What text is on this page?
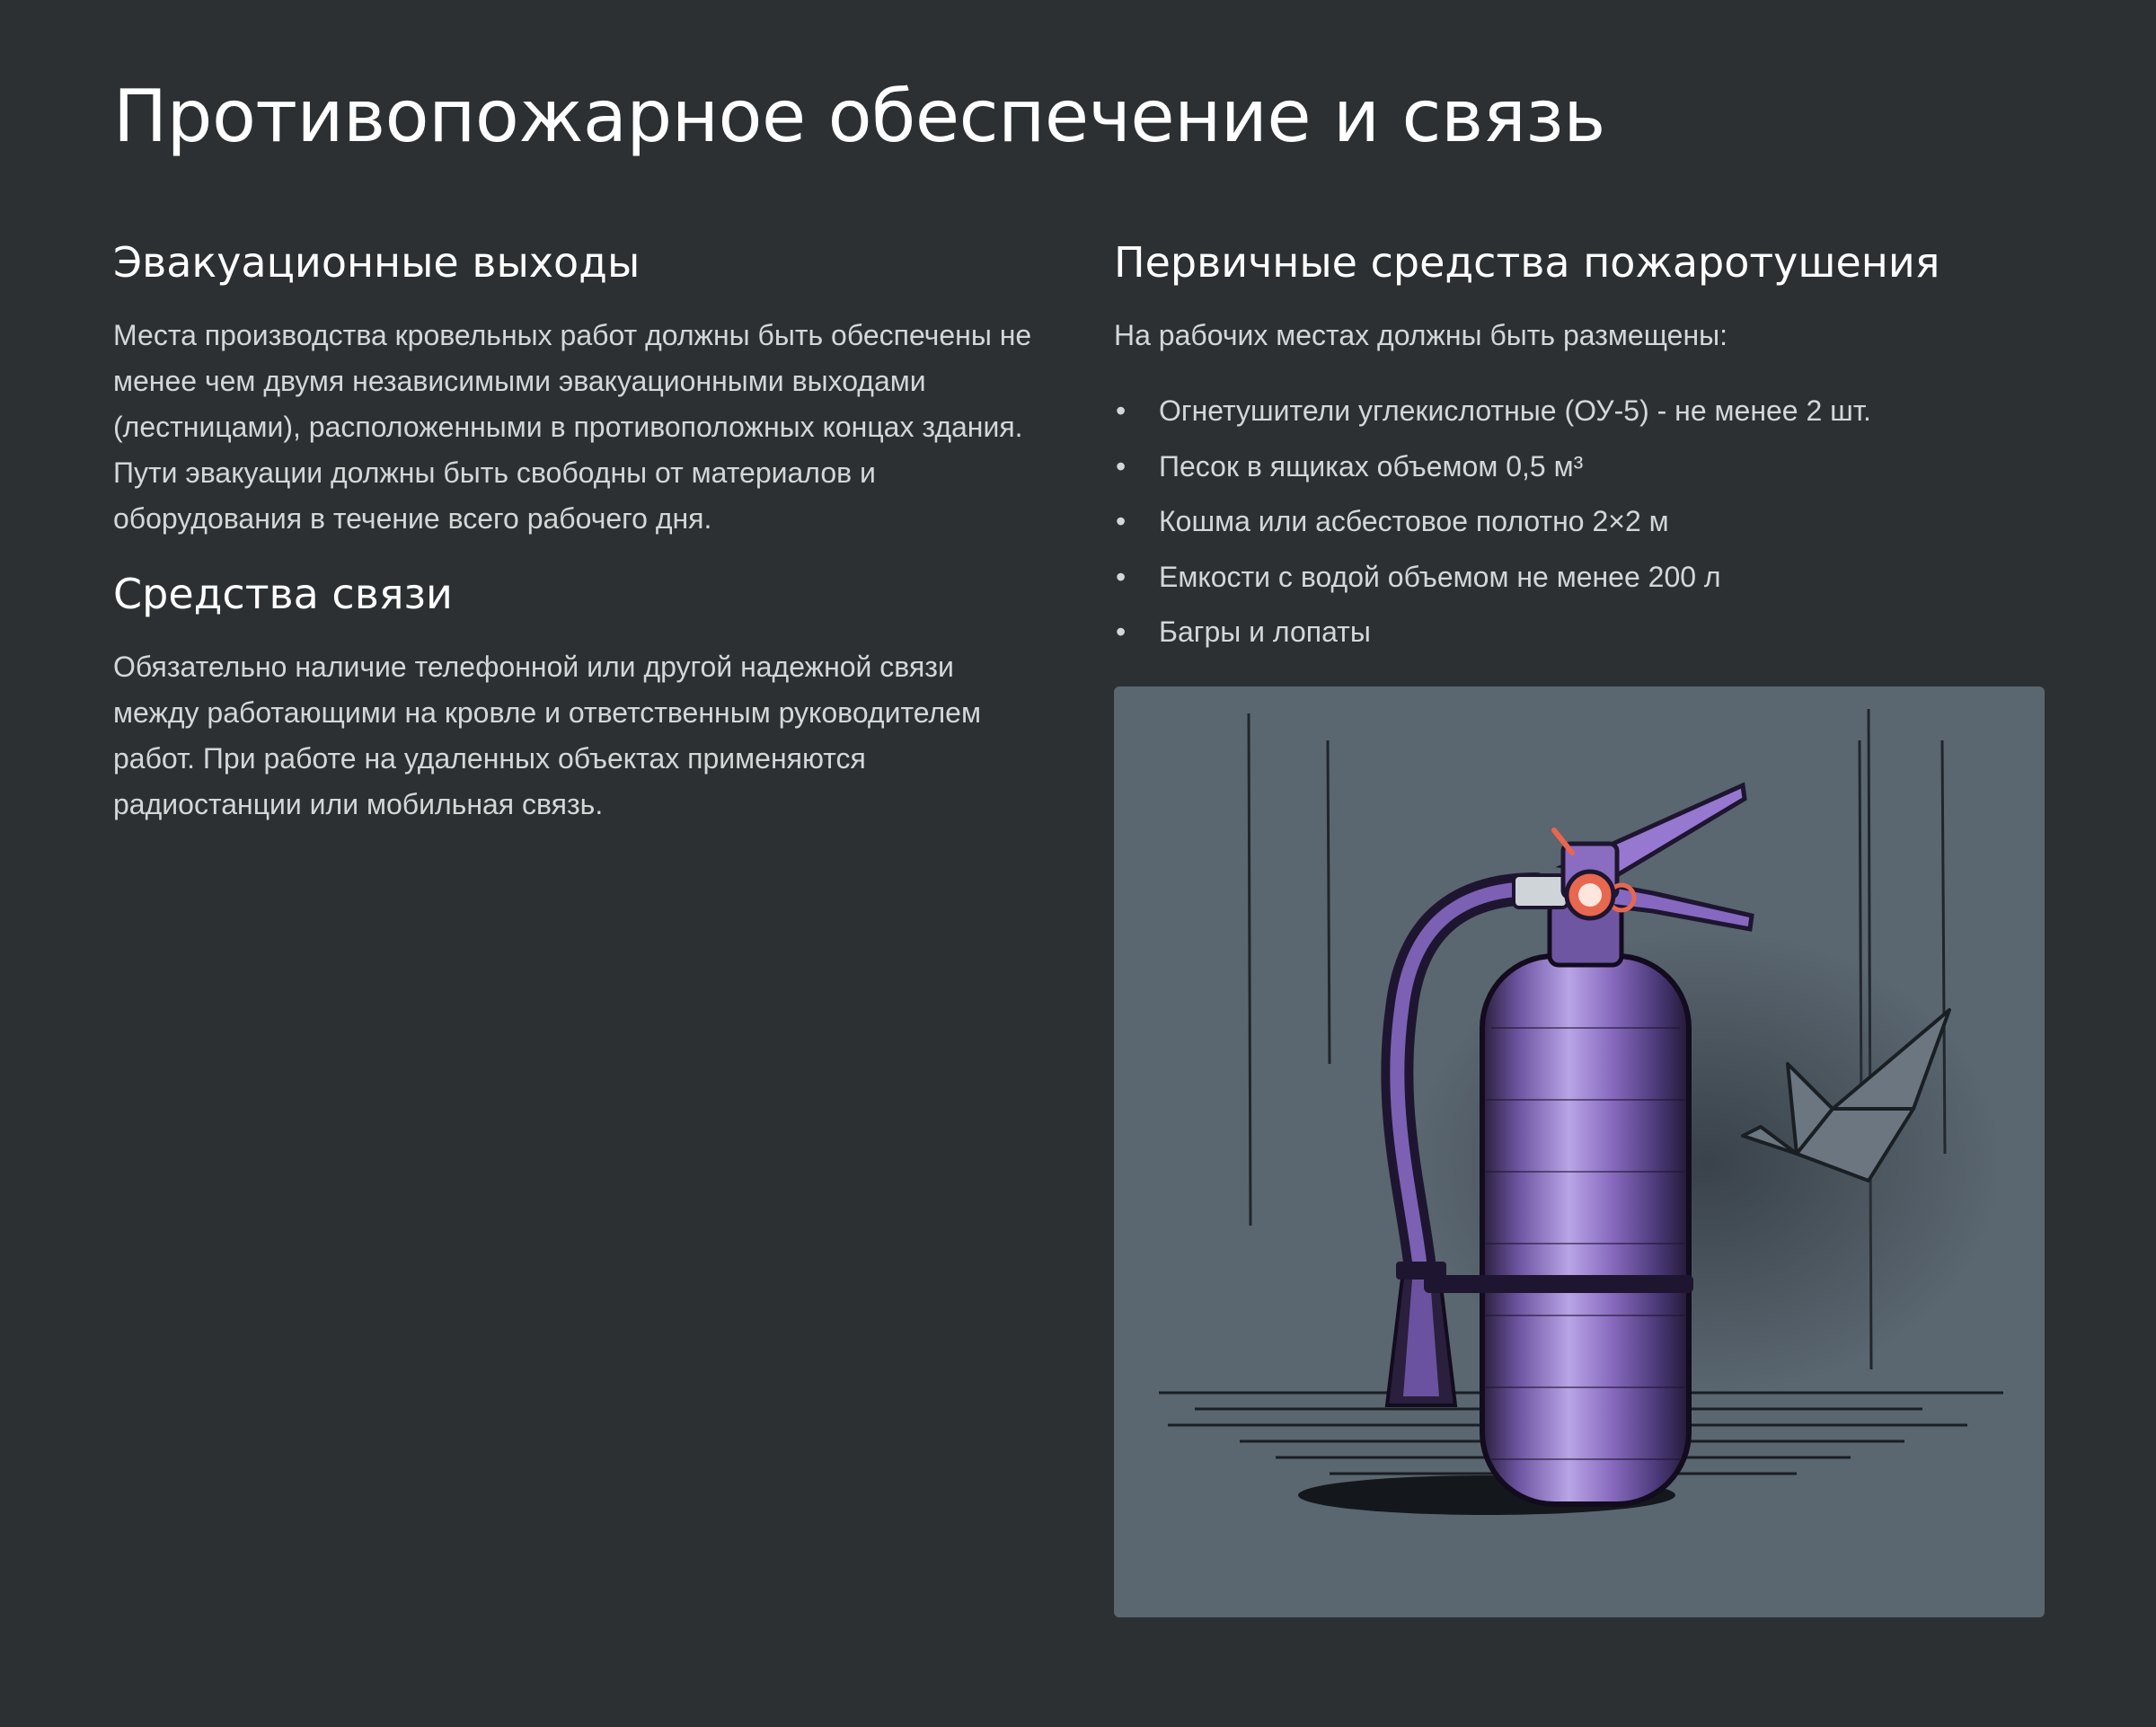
Противопожарное обеспечение и связь
Эвакуационные выходы

Места производства кровельных работ должны быть обеспечены не менее чем двумя независимыми эвакуационными выходами (лестницами), расположенными в противоположных концах здания. Пути эвакуации должны быть свободны от материалов и оборудования в течение всего рабочего дня.

Средства связи

Обязательно наличие телефонной или другой надежной связи между работающими на кровле и ответственным руководителем работ. При работе на удаленных объектах применяются радиостанции или мобильная связь.

Первичные средства пожаротушения

На рабочих местах должны быть размещены:

• Огнетушители углекислотные (ОУ-5) - не менее 2 шт.
• Песок в ящиках объемом 0,5 м³
• Кошма или асбестовое полотно 2×2 м
• Емкости с водой объемом не менее 200 л
• Багры и лопаты
